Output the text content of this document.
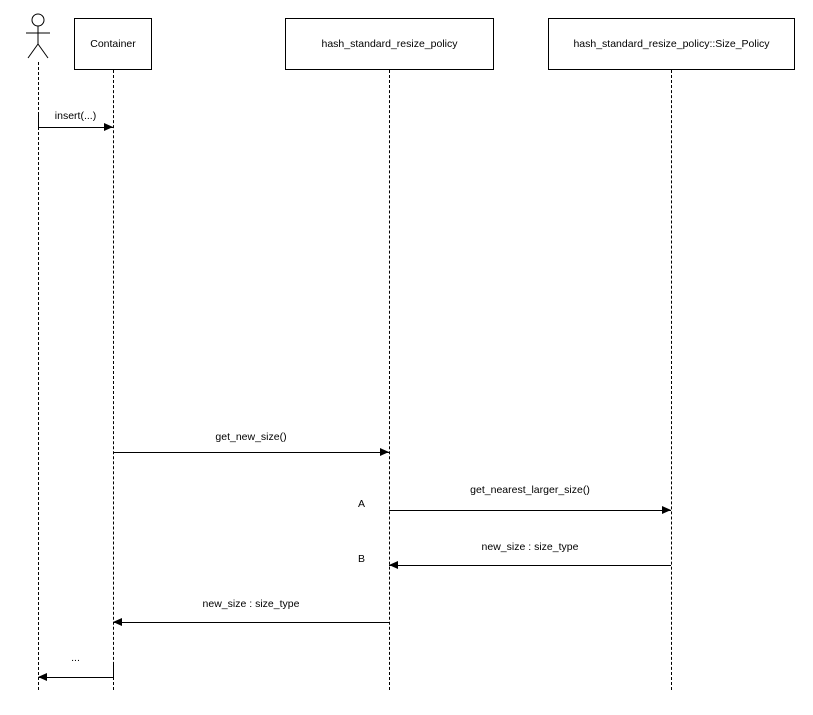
Container	hash_standard_resize_policy	hash_standard_resize_policy::Size_Policy
insert(...)
get_new_size()
A
get_nearest_larger_size()
B
new_size : size_type
new_size : size_type
...
